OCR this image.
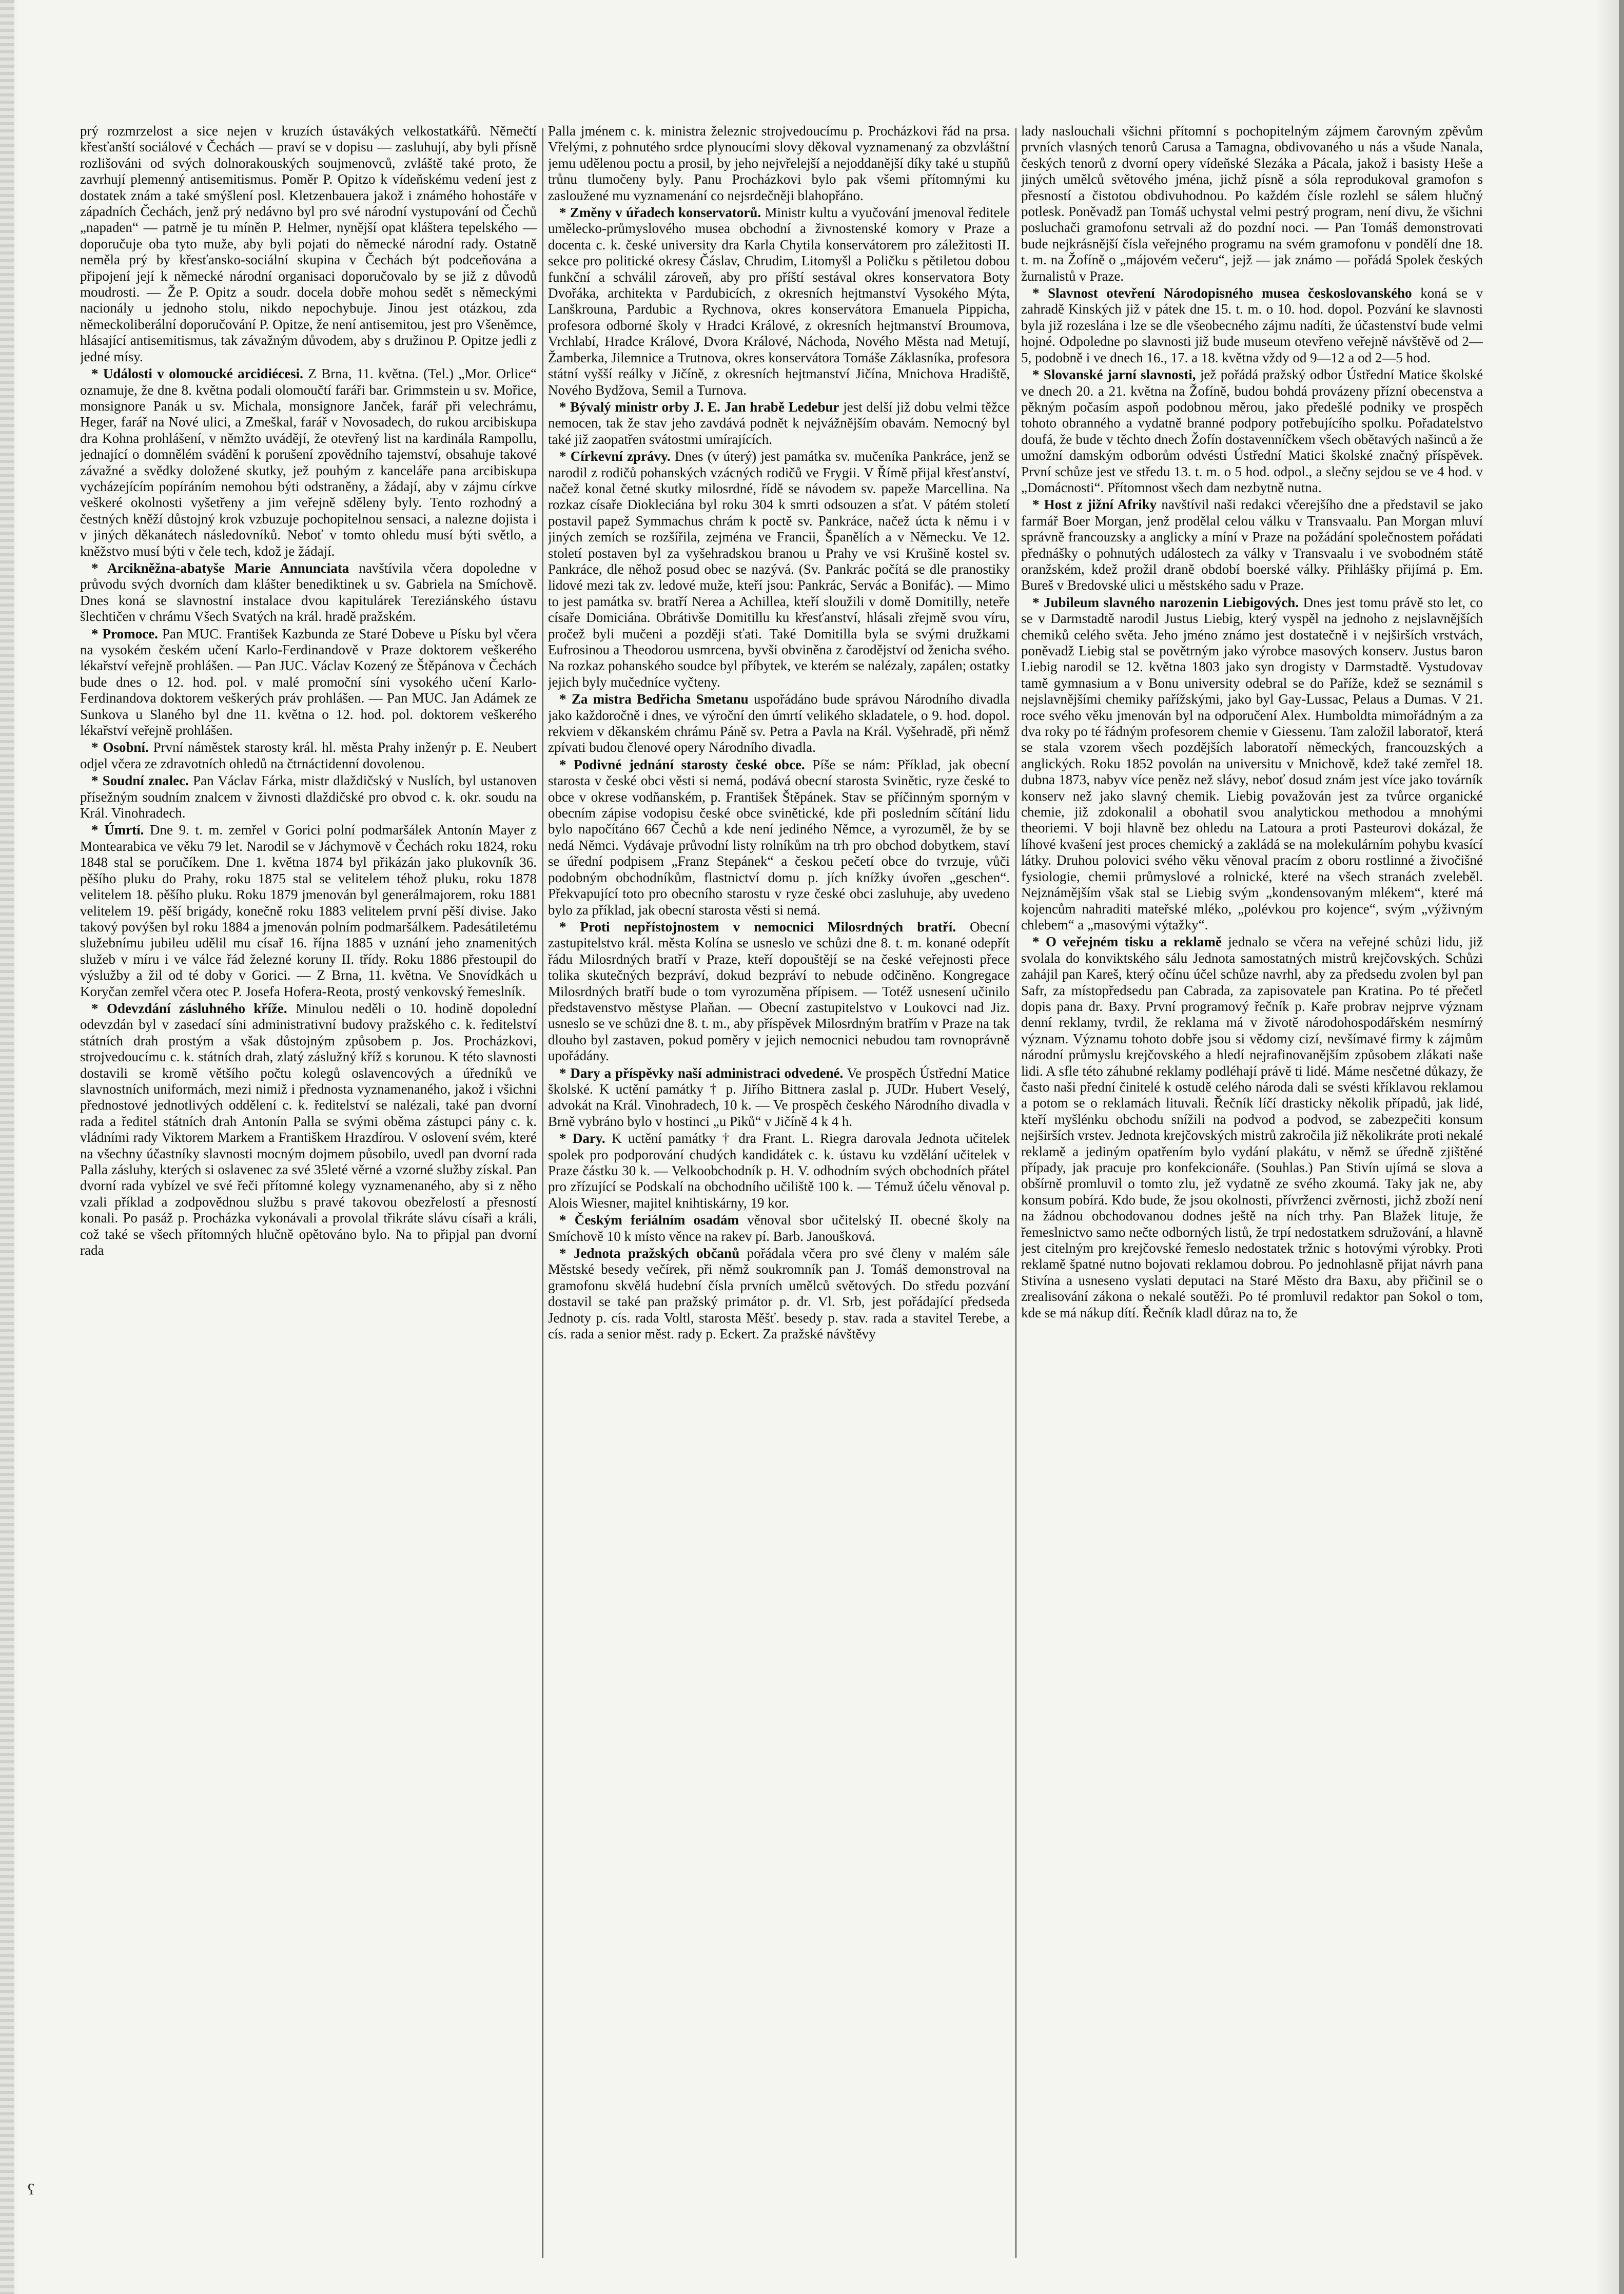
prý rozmrzelost a sice nejen v kruzích ústavákých velkostatkářů. Němečtí křesťanští sociálové v Čechách — praví se v dopisu — zasluhují, aby byli přísně rozlišováni od svých dolnorakouských soujmenovců, zvláště také proto, že zavrhují plemenný antisemitismus. Poměr P. Opitzo k vídeňskému vedení jest z dostatek znám a také smýšlení posl. Kletzenbauera jakož i známého hohostáře v západních Čechách, jenž prý nedávno byl pro své národní vystupování od Čechů „napaden“ — patrně je tu míněn P. Helmer, nynější opat kláštera tepelského — doporučuje oba tyto muže, aby byli pojati do německé národní rady. Ostatně neměla prý by křesťansko-sociální skupina v Čechách být podceňována a připojení její k německé národní organisaci doporučovalo by se již z důvodů moudrosti. — Že P. Opitz a soudr. docela dobře mohou sedět s německými nacionály u jednoho stolu, nikdo nepochybuje. Jinou jest otázkou, zda německoliberální doporučování P. Opitze, že není antisemitou, jest pro Všeněmce, hlásající antisemitismus, tak závažným důvodem, aby s družinou P. Opitze jedli z jedné mísy.

* Události v olomoucké arcidiécesi. Z Brna, 11. května. (Tel.) „Mor. Orlice“ oznamuje, že dne 8. května podali olomoučtí faráři bar. Grimmstein u sv. Mořice, monsignore Panák u sv. Michala, monsignore Janček, farář při velechrámu, Heger, farář na Nové ulici, a Zmeškal, farář v Novosadech, do rukou arcibiskupa dra Kohna prohlášení, v němžto uvádějí, že otevřený list na kardinála Rampollu, jednající o domnělém svádění k porušení zpovědního tajemství, obsahuje takové závažné a svědky doložené skutky, jež pouhým z kanceláře pana arcibiskupa vycházejícím popíráním nemohou býti odstraněny, a žádají, aby v zájmu církve veškeré okolnosti vyšetřeny a jim veřejně sděleny byly. Tento rozhodný a čestných kněží důstojný krok vzbuzuje pochopitelnou sensaci, a nalezne dojista i v jiných děkanátech následovníků. Neboť v tomto ohledu musí býti světlo, a kněžstvo musí býti v čele tech, kdož je žádají.

* Arcikněžna-abatyše Marie Annunciata navštívila včera dopoledne v průvodu svých dvorních dam klášter benediktinek u sv. Gabriela na Smíchově. Dnes koná se slavnostní instalace dvou kapitulárek Tereziánského ústavu šlechtičen v chrámu Všech Svatých na král. hradě pražském.

* Promoce. Pan MUC. František Kazbunda ze Staré Dobeve u Písku byl včera na vysokém českém učení Karlo-Ferdinandově v Praze doktorem veškerého lékařství veřejně prohlášen. — Pan JUC. Václav Kozený ze Štěpánova v Čechách bude dnes o 12. hod. pol. v malé promoční síni vysokého učení Karlo-Ferdinandova doktorem veškerých práv prohlášen. — Pan MUC. Jan Adámek ze Sunkova u Slaného byl dne 11. května o 12. hod. pol. doktorem veškerého lékařství veřejně prohlášen.

* Osobní. První náměstek starosty král. hl. města Prahy inženýr p. E. Neubert odjel včera ze zdravotních ohledů na čtrnáctidenní dovolenou.

* Soudní znalec. Pan Václav Fárka, mistr dlaždičský v Nuslích, byl ustanoven přísežným soudním znalcem v živnosti dlaždičské pro obvod c. k. okr. soudu na Král. Vinohradech.

* Úmrtí. Dne 9. t. m. zemřel v Gorici polní podmaršálek Antonín Mayer z Montearabica ve věku 79 let. Narodil se v Jáchymově v Čechách roku 1824, roku 1848 stal se poručíkem. Dne 1. května 1874 byl přikázán jako plukovník 36. pěšího pluku do Prahy, roku 1875 stal se velitelem téhož pluku, roku 1878 velitelem 18. pěšího pluku. Roku 1879 jmenován byl generálmajorem, roku 1881 velitelem 19. pěší brigády, konečně roku 1883 velitelem první pěší divise. Jako takový povýšen byl roku 1884 a jmenován polním podmaršálkem. Padesátiletému služebnímu jubileu udělil mu císař 16. října 1885 v uznání jeho znamenitých služeb v míru i ve válce řád železné koruny II. třídy. Roku 1886 přestoupil do výslužby a žil od té doby v Gorici. — Z Brna, 11. května. Ve Snovídkách u Koryčan zemřel včera otec P. Josefa Hofera-Reota, prostý venkovský řemeslník.

* Odevzdání zásluhného kříže. Minulou neděli o 10. hodině dopolední odevzdán byl v zasedací síni administrativní budovy pražského c. k. ředitelství státních drah prostým a však důstojným způsobem p. Jos. Procházkovi, strojvedoucímu c. k. státních drah, zlatý záslužný kříž s korunou. K této slavnosti dostavili se kromě většího počtu kolegů oslavencových a úředníků ve slavnostních uniformách, mezi nimiž i přednosta vyznamenaného, jakož i všichni přednostové jednotlivých oddělení c. k. ředitelství se nalézali, také pan dvorní rada a ředitel státních drah Antonín Palla se svými oběma zástupci pány c. k. vládními rady Viktorem Markem a Františkem Hrazdírou. V oslovení svém, které na všechny účastníky slavnosti mocným dojmem působilo, uvedl pan dvorní rada Palla zásluhy, kterých si oslavenec za své 35leté věrné a vzorné služby získal. Pan dvorní rada vybízel ve své řeči přítomné kolegy vyznamenaného, aby si z něho vzali příklad a zodpovědnou službu s pravé takovou obezřelostí a přesností konali. Po pasáž p. Procházka vykonávali a provolal třikráte slávu císaři a králi, což také se všech přítomných hlučně opětováno bylo. Na to připjal pan dvorní rada

Palla jménem c. k. ministra železnic strojvedoucímu p. Procházkovi řád na prsa. Vřelými, z pohnutého srdce plynoucími slovy děkoval vyznamenaný za obzvláštní jemu udělenou poctu a prosil, by jeho nejvřelejší a nejoddanější díky také u stupňů trůnu tlumočeny byly. Panu Procházkovi bylo pak všemi přítomnými ku zasloužené mu vyznamenání co nejsrdečněji blahopřáno.

* Změny v úřadech konservatorů. Ministr kultu a vyučování jmenoval ředitele umělecko-průmyslového musea obchodní a živnostenské komory v Praze a docenta c. k. české university dra Karla Chytila konservátorem pro záležitosti II. sekce pro politické okresy Čáslav, Chrudim, Litomyšl a Poličku s pětiletou dobou funkční a schválil zároveň, aby pro příští sestával okres konservatora Boty Dvořáka, architekta v Pardubicích, z okresních hejtmanství Vysokého Mýta, Lanškrouna, Pardubic a Rychnova, okres konservátora Emanuela Pippicha, profesora odborné školy v Hradci Králové, z okresních hejtmanství Broumova, Vrchlabí, Hradce Králové, Dvora Králové, Náchoda, Nového Města nad Metují, Žamberka, Jilemnice a Trutnova, okres konservátora Tomáše Záklasníka, profesora státní vyšší reálky v Jičíně, z okresních hejtmanství Jičína, Mnichova Hradiště, Nového Bydžova, Semil a Turnova.

* Bývalý ministr orby J. E. Jan hrabě Ledebur jest delší již dobu velmi těžce nemocen, tak že stav jeho zavdává podnět k nejvážnějším obavám. Nemocný byl také již zaopatřen svátostmi umírajících.

* Církevní zprávy. Dnes (v úterý) jest památka sv. mučeníka Pankráce, jenž se narodil z rodičů pohanských vzácných rodičů ve Frygii. V Římě přijal křesťanství, načež konal četné skutky milosrdné, řídě se návodem sv. papeže Marcellina. Na rozkaz císaře Diokleciána byl roku 304 k smrti odsouzen a sťat. V pátém století postavil papež Symmachus chrám k poctě sv. Pankráce, načež úcta k němu i v jiných zemích se rozšířila, zejména ve Francii, Španělích a v Německu. Ve 12. století postaven byl za vyšehradskou branou u Prahy ve vsi Krušině kostel sv. Pankráce, dle něhož posud obec se nazývá. (Sv. Pankrác počítá se dle pranostiky lidové mezi tak zv. ledové muže, kteří jsou: Pankrác, Servác a Bonifác). — Mimo to jest památka sv. bratří Nerea a Achillea, kteří sloužili v domě Domitilly, neteře císaře Domiciána. Obrátivše Domitillu ku křesťanství, hlásali zřejmě svou víru, pročež byli mučeni a později sťati. Také Domitilla byla se svými družkami Eufrosinou a Theodorou usmrcena, byvši obviněna z čarodějství od ženicha svého. Na rozkaz pohanského soudce byl příbytek, ve kterém se nalézaly, zapálen; ostatky jejich byly mučedníce vyčteny.

* Za mistra Bedřicha Smetanu uspořádáno bude správou Národního divadla jako každoročně i dnes, ve výroční den úmrtí velikého skladatele, o 9. hod. dopol. rekviem v děkanském chrámu Páně sv. Petra a Pavla na Král. Vyšehradě, při němž zpívati budou členové opery Národního divadla.

* Podivné jednání starosty české obce. Píše se nám: Příklad, jak obecní starosta v české obci věsti si nemá, podává obecní starosta Svinětic, ryze české to obce v okrese vodňanském, p. František Štěpánek. Stav se příčinným sporným v obecním zápise vodopisu české obce svinětické, kde při posledním sčítání lidu bylo napočítáno 667 Čechů a kde není jediného Němce, a vyrozuměl, že by se nedá Němci. Vydávaje průvodní listy rolníkům na trh pro obchod dobytkem, staví se úřední podpisem „Franz Stepánek“ a českou pečetí obce do tvrzuje, vůči podobným obchodníkům, flastnictví domu p. jích knížky úvořen „geschen“. Překvapující toto pro obecního starostu v ryze české obci zasluhuje, aby uvedeno bylo za příklad, jak obecní starosta věsti si nemá.

* Proti nepřístojnostem v nemocnici Milosrdných bratří. Obecní zastupitelstvo král. města Kolína se usneslo ve schůzi dne 8. t. m. konané odepřít řádu Milosrdných bratří v Praze, kteří dopouštějí se na české veřejnosti přece tolika skutečných bezpráví, dokud bezpráví to nebude odčiněno. Kongregace Milosrdných bratří bude o tom vyrozuměna přípisem. — Totéž usnesení učinilo představenstvo městyse Plaňan. — Obecní zastupitelstvo v Loukovci nad Jiz. usneslo se ve schůzi dne 8. t. m., aby příspěvek Milosrdným bratřím v Praze na tak dlouho byl zastaven, pokud poměry v jejich nemocnici nebudou tam rovnoprávně upořádány.

* Dary a příspěvky naší administraci odvedené. Ve prospěch Ústřední Matice školské. K uctění památky † p. Jiřího Bittnera zaslal p. JUDr. Hubert Veselý, advokát na Král. Vinohradech, 10 k. — Ve prospěch českého Národního divadla v Brně vybráno bylo v hostinci „u Piků“ v Jičíně 4 k 4 h.

* Dary. K uctění památky † dra Frant. L. Riegra darovala Jednota učitelek spolek pro podporování chudých kandidátek c. k. ústavu ku vzdělání učitelek v Praze částku 30 k. — Velkoobchodník p. H. V. odhodním svých obchodních přátel pro zřízující se Podskalí na obchodního učiliště 100 k. — Témuž účelu věnoval p. Alois Wiesner, majitel knihtiskárny, 19 kor.

* Českým feriálním osadám věnoval sbor učitelský II. obecné školy na Smíchově 10 k místo věnce na rakev pí. Barb. Janoušková.

* Jednota pražských občanů pořádala včera pro své členy v malém sále Městské besedy večírek, při němž soukromník pan J. Tomáš demonstroval na gramofonu skvělá hudební čísla prvních umělců světových. Do středu pozvání dostavil se také pan pražský primátor p. dr. Vl. Srb, jest pořádající předseda Jednoty p. cís. rada Voltl, starosta Měšť. besedy p. stav. rada a stavitel Terebe, a cís. rada a senior měst. rady p. Eckert. Za pražské návštěvy

lady naslouchali všichni přítomní s pochopitelným zájmem čarovným zpěvům prvních vlasných tenorů Carusa a Tamagna, obdivovaného u nás a všude Nanala, českých tenorů z dvorní opery vídeňské Slezáka a Pácala, jakož i basisty Heše a jiných umělců světového jména, jichž písně a sóla reprodukoval gramofon s přesností a čistotou obdivuhodnou. Po každém čísle rozlehl se sálem hlučný potlesk. Poněvadž pan Tomáš uchystal velmi pestrý program, není divu, že všichni posluchači gramofonu setrvali až do pozdní noci. — Pan Tomáš demonstrovati bude nejkrásnější čísla veřejného programu na svém gramofonu v pondělí dne 18. t. m. na Žofíně o „májovém večeru“, jejž — jak známo — pořádá Spolek českých žurnalistů v Praze.

* Slavnost otevření Národopisného musea českoslovanského koná se v zahradě Kinských již v pátek dne 15. t. m. o 10. hod. dopol. Pozvání ke slavnosti byla již rozeslána i lze se dle všeobecného zájmu nadíti, že účastenství bude velmi hojné. Odpoledne po slavnosti již bude museum otevřeno veřejně návštěvě od 2—5, podobně i ve dnech 16., 17. a 18. května vždy od 9—12 a od 2—5 hod.

* Slovanské jarní slavnosti, jež pořádá pražský odbor Ústřední Matice školské ve dnech 20. a 21. května na Žofíně, budou bohdá provázeny přízní obecenstva a pěkným počasím aspoň podobnou měrou, jako předešlé podniky ve prospěch tohoto obranného a vydatně branné podpory potřebujícího spolku. Pořadatelstvo doufá, že bude v těchto dnech Žofín dostavenníčkem všech obětavých našinců a že umožní damským odborům odvésti Ústřední Matici školské značný příspěvek. První schůze jest ve středu 13. t. m. o 5 hod. odpol., a slečny sejdou se ve 4 hod. v „Domácnosti“. Přítomnost všech dam nezbytně nutna.

* Host z jižní Afriky navštívil naši redakci včerejšího dne a představil se jako farmář Boer Morgan, jenž prodělal celou válku v Transvaalu. Pan Morgan mluví správně francouzsky a anglicky a míní v Praze na požádání společnostem pořádati přednášky o pohnutých událostech za války v Transvaalu i ve svobodném státě oranžském, kdež prožil draně období boerské války. Přihlášky přijímá p. Em. Bureš v Bredovské ulici u městského sadu v Praze.

* Jubileum slavného narozenin Liebigových. Dnes jest tomu právě sto let, co se v Darmstadtě narodil Justus Liebig, který vyspěl na jednoho z nejslavnějších chemiků celého světa. Jeho jméno známo jest dostatečně i v nejširších vrstvách, poněvadž Liebig stal se povětrným jako výrobce masových konserv. Justus baron Liebig narodil se 12. května 1803 jako syn drogisty v Darmstadtě. Vystudovav tamě gymnasium a v Bonu university odebral se do Paříže, kdež se seznámil s nejslavnějšími chemiky pařížskými, jako byl Gay-Lussac, Pelaus a Dumas. V 21. roce svého věku jmenován byl na odporučení Alex. Humboldta mimořádným a za dva roky po té řádným profesorem chemie v Giessenu. Tam založil laboratoř, která se stala vzorem všech pozdějších laboratoří německých, francouzských a anglických. Roku 1852 povolán na universitu v Mnichově, kdež také zemřel 18. dubna 1873, nabyv více peněz než slávy, neboť dosud znám jest více jako továrník konserv než jako slavný chemik. Liebig považován jest za tvůrce organické chemie, již zdokonalil a obohatil svou analytickou methodou a mnohými theoriemi. V boji hlavně bez ohledu na Latoura a proti Pasteurovi dokázal, že líhové kvašení jest proces chemický a zakládá se na molekulárním pohybu kvasící látky. Druhou polovici svého věku věnoval pracím z oboru rostlinné a živočišné fysiologie, chemii průmyslové a rolnické, které na všech stranách zveleběl. Nejznámějším však stal se Liebig svým „kondensovaným mlékem“, které má kojencům nahraditi mateřské mléko, „polévkou pro kojence“, svým „výživným chlebem“ a „masovými výtažky“.

* O veřejném tisku a reklamě jednalo se včera na veřejné schůzi lidu, již svolala do konviktského sálu Jednota samostatných mistrů krejčovských. Schůzi zahájil pan Kareš, který očínu účel schůze navrhl, aby za předsedu zvolen byl pan Safr, za místopředsedu pan Cabrada, za zapisovatele pan Kratina. Po té přečetl dopis pana dr. Baxy. První programový řečník p. Kaře probrav nejprve význam denní reklamy, tvrdil, že reklama má v životě národohospodářském nesmírný význam. Významu tohoto dobře jsou si vědomy cizí, nevšímavé firmy k zájmům národní průmyslu krejčovského a hledí nejrafinovanějším způsobem zlákati naše lidi. A sfle této záhubné reklamy podléhají právě ti lidé. Máme nesčetné důkazy, že často naši přední činitelé k ostudě celého národa dali se svésti kříklavou reklamou a potom se o reklamách lituvali. Řečník líčí drasticky několik případů, jak lidé, kteří myšlénku obchodu snížili na podvod a podvod, se zabezpečiti konsum nejširších vrstev. Jednota krejčovských mistrů zakročila již několikráte proti nekalé reklamě a jediným opatřením bylo vydání plakátu, v němž se úředně zjištěné případy, jak pracuje pro konfekcionáře. (Souhlas.) Pan Stivín ujímá se slova a obšírně promluvil o tomto zlu, jež vydatně ze svého zkoumá. Taky jak ne, aby konsum pobírá. Kdo bude, že jsou okolnosti, přívrženci zvěrnosti, jichž zboží není na žádnou obchodovanou dodnes ještě na ních trhy. Pan Blažek lituje, že řemeslnictvo samo nečte odborných listů, že trpí nedostatkem sdružování, a hlavně jest citelným pro krejčovské řemeslo nedostatek tržnic s hotovými výrobky. Proti reklamě špatné nutno bojovati reklamou dobrou. Po jednohlasně přijat návrh pana Stivína a usneseno vyslati deputaci na Staré Město dra Baxu, aby přičinil se o zrealisování zákona o nekalé soutěži. Po té promluvil redaktor pan Sokol o tom, kde se má nákup dítí. Řečník kladl důraz na to, že

ʕ
